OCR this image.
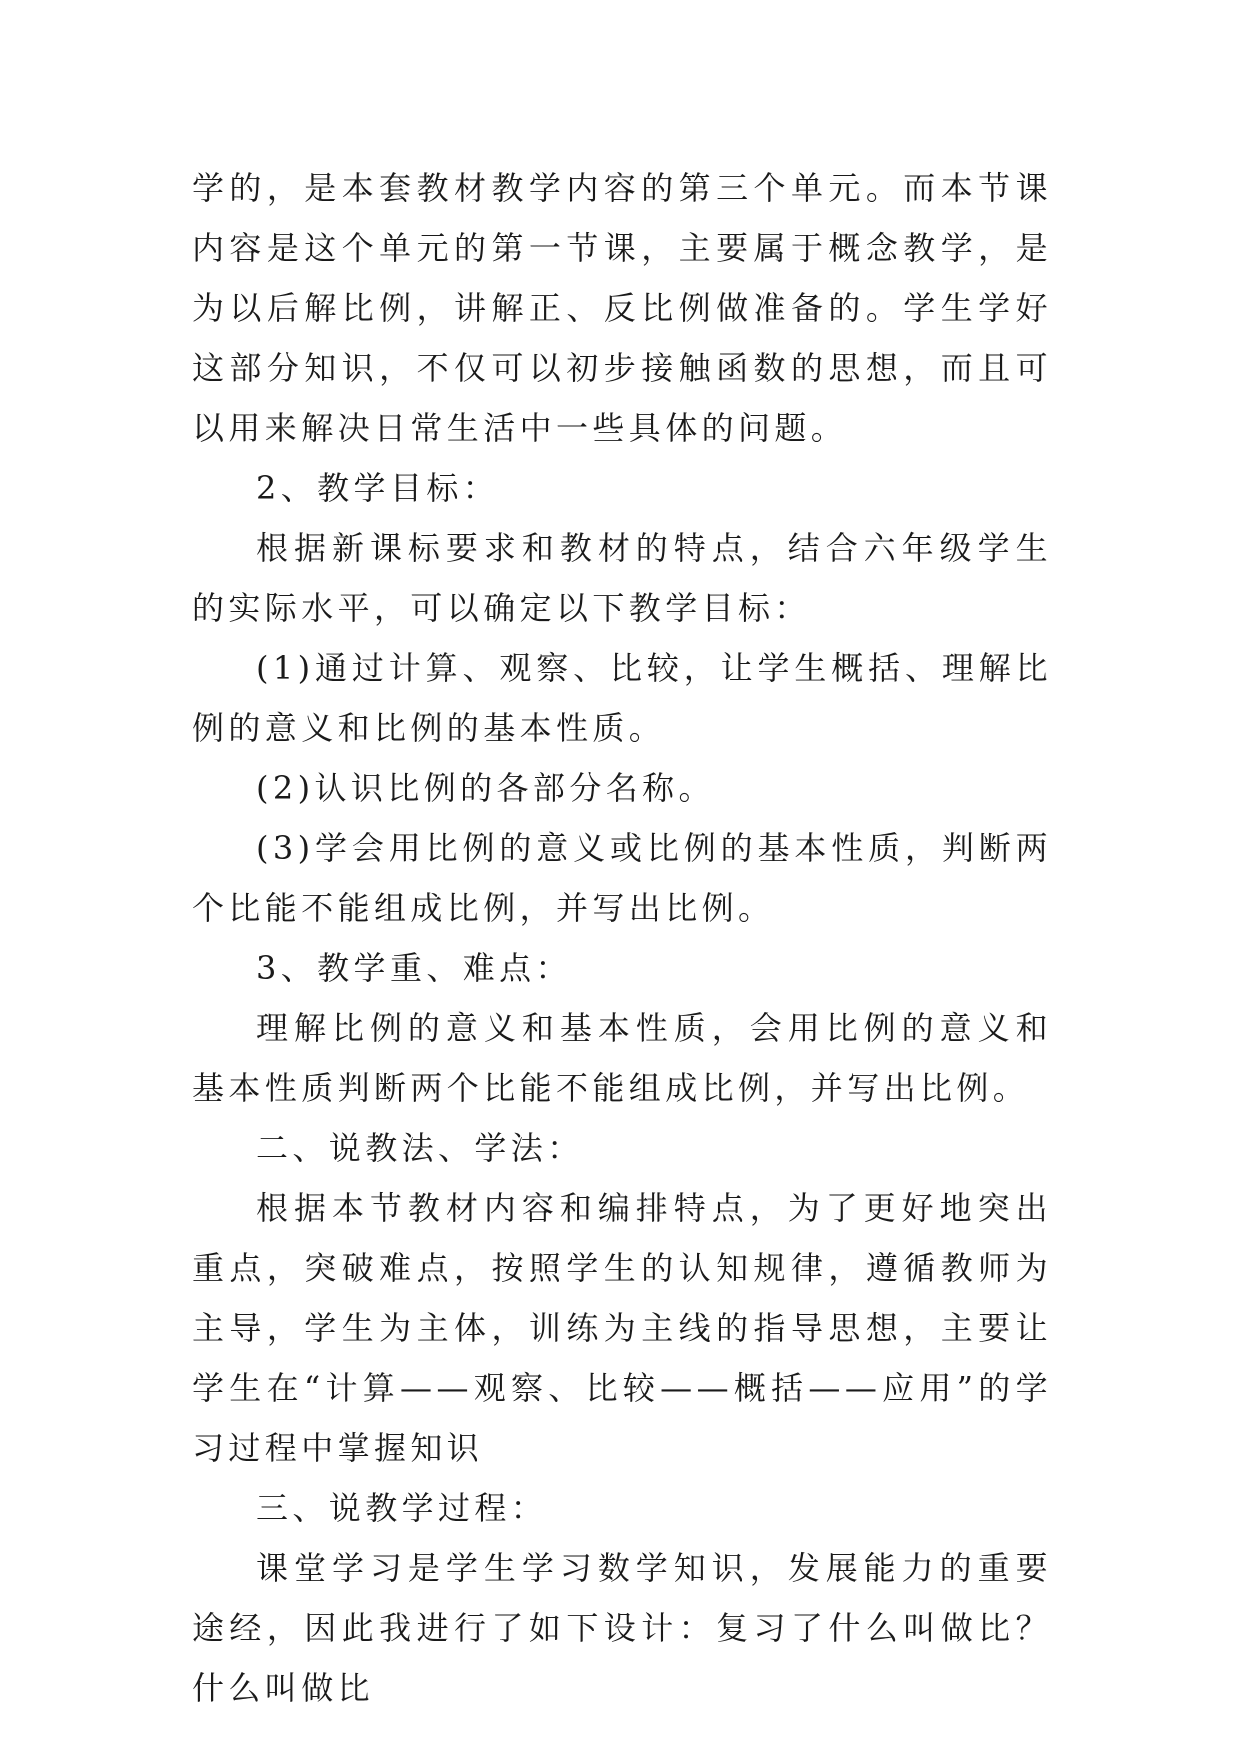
学的，是本套教材教学内容的第三个单元。而本节课内容是这个单元的第一节课，主要属于概念教学，是为以后解比例，讲解正、反比例做准备的。学生学好这部分知识，不仅可以初步接触函数的思想，而且可以用来解决日常生活中一些具体的问题。

2、教学目标：

根据新课标要求和教材的特点，结合六年级学生的实际水平，可以确定以下教学目标：

(1)通过计算、观察、比较，让学生概括、理解比例的意义和比例的基本性质。

(2)认识比例的各部分名称。

(3)学会用比例的意义或比例的基本性质，判断两个比能不能组成比例，并写出比例。

3、教学重、难点：

理解比例的意义和基本性质，会用比例的意义和基本性质判断两个比能不能组成比例，并写出比例。

二、说教法、学法：

根据本节教材内容和编排特点，为了更好地突出重点，突破难点，按照学生的认知规律，遵循教师为主导，学生为主体，训练为主线的指导思想，主要让学生在“计算——观察、比较——概括——应用”的学习过程中掌握知识

三、说教学过程：

课堂学习是学生学习数学知识，发展能力的重要途经，因此我进行了如下设计：复习了什么叫做比？什么叫做比
